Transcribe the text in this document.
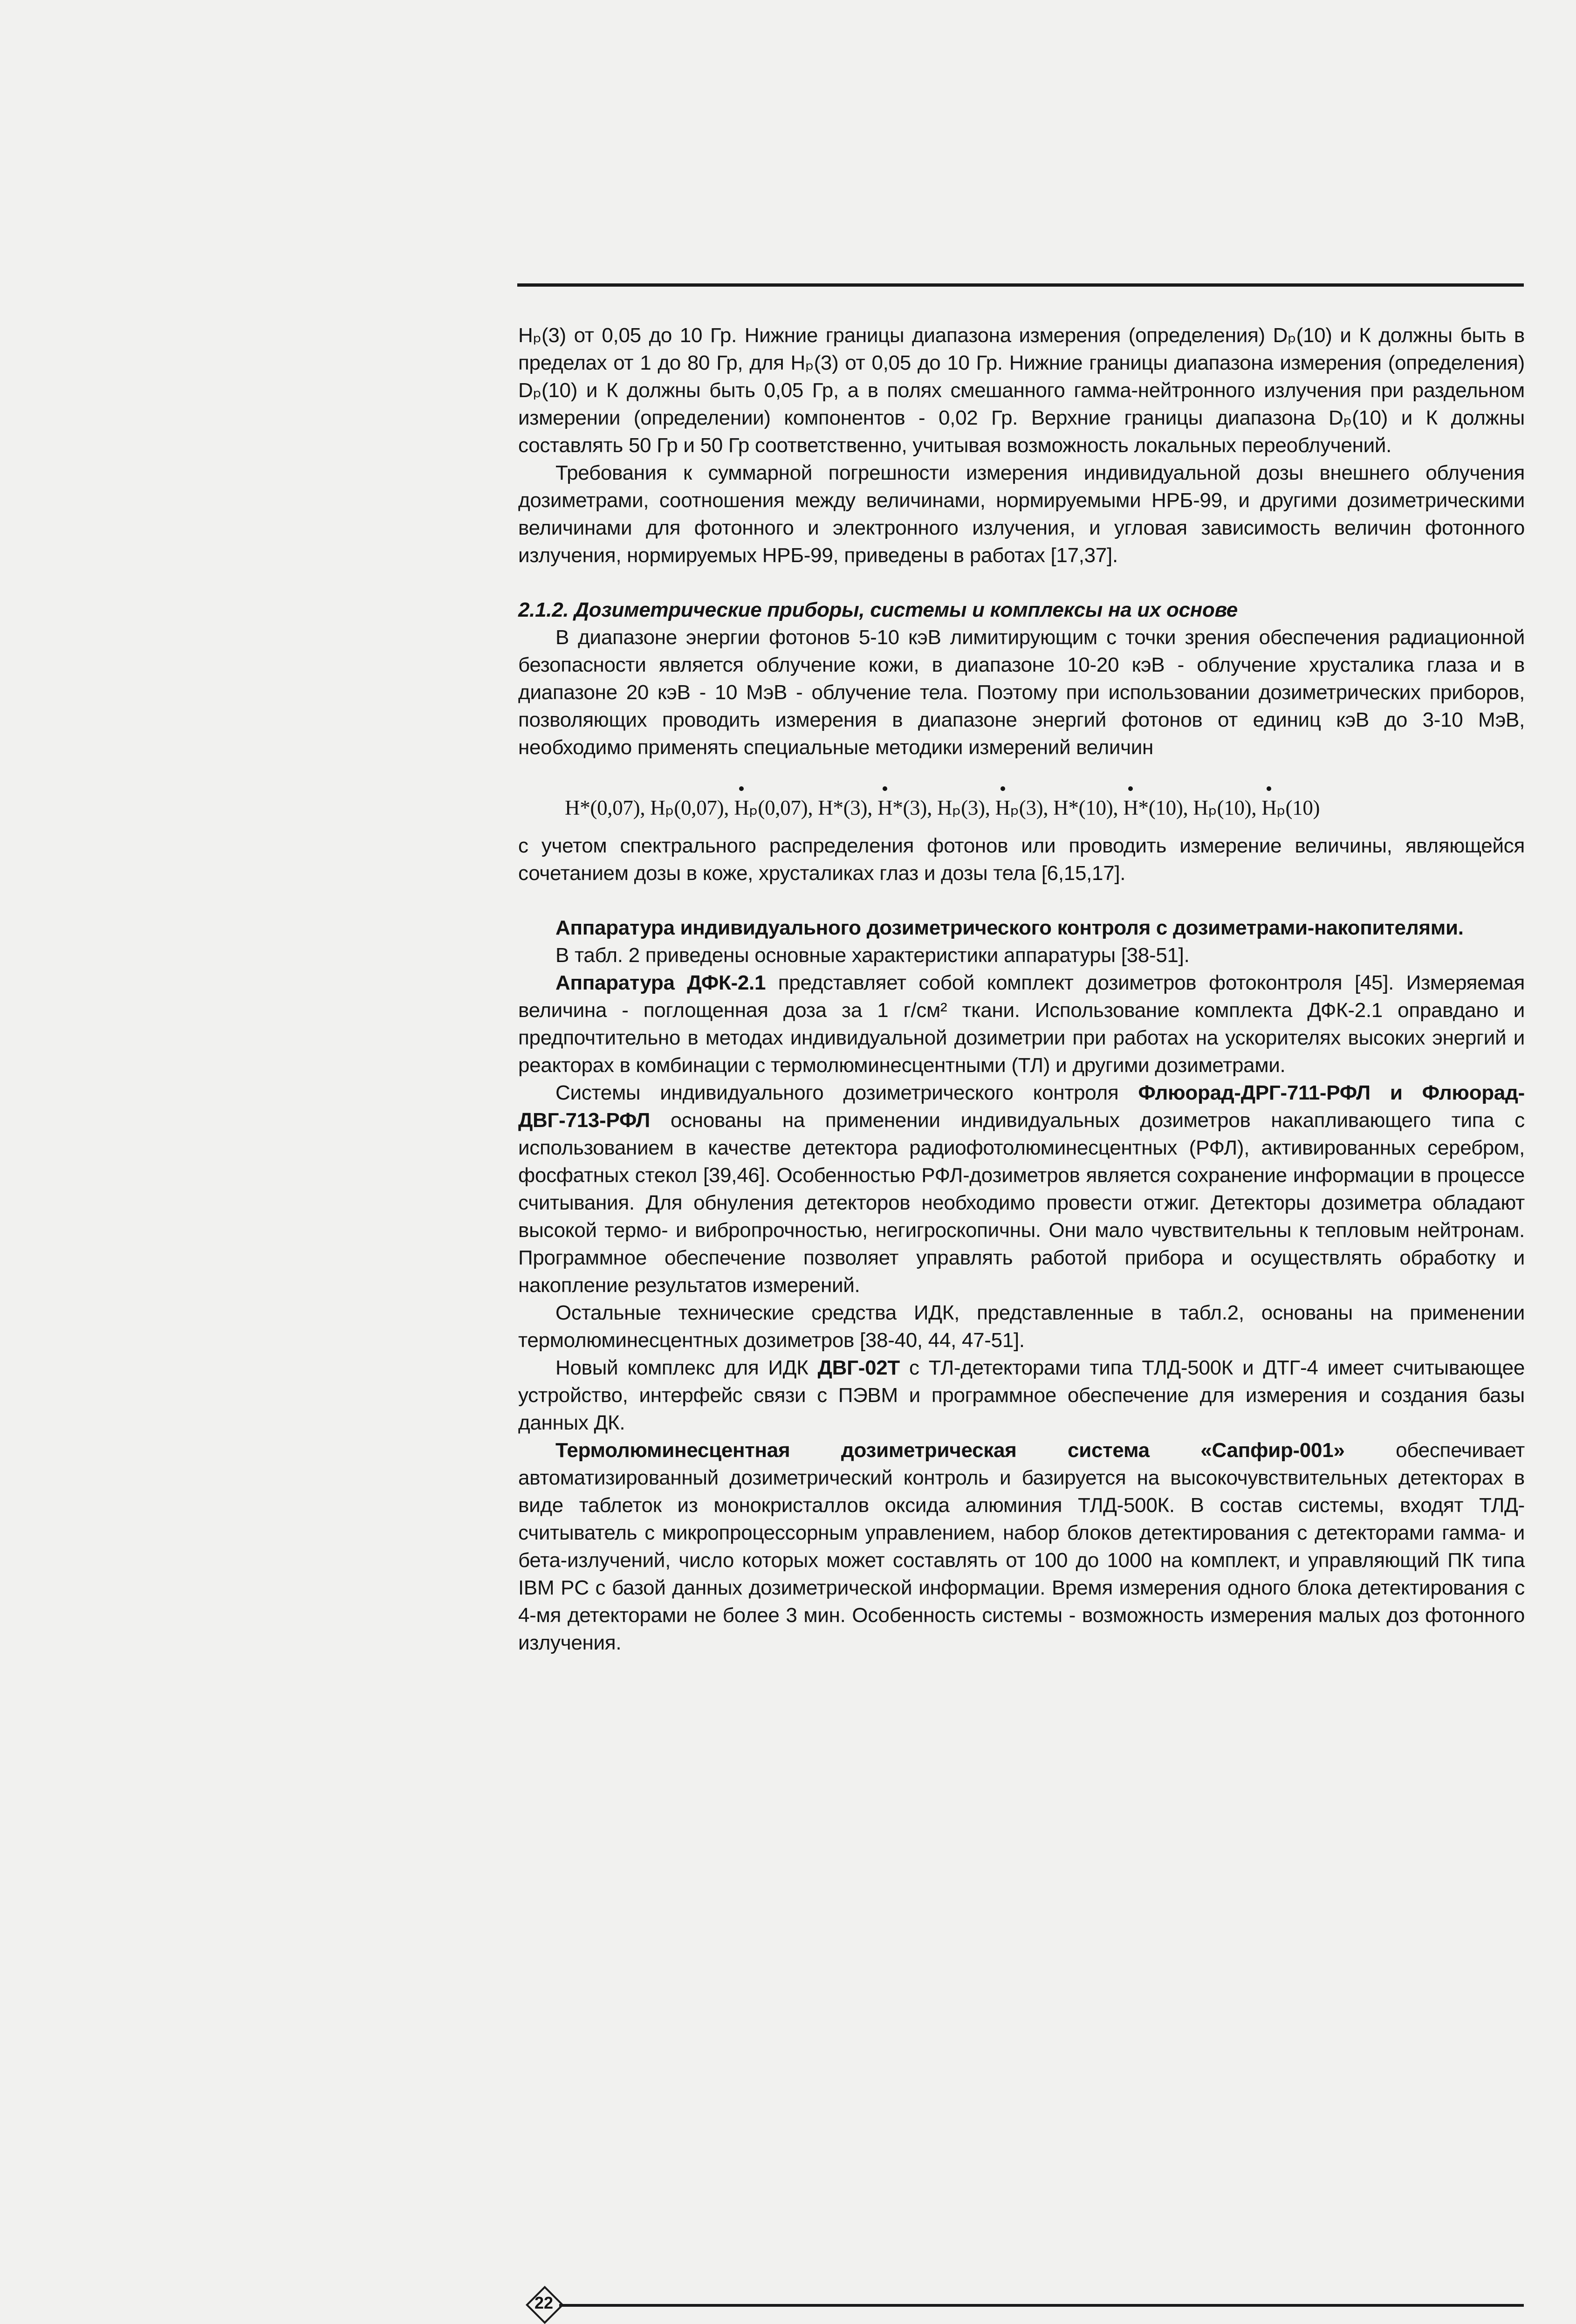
Hₚ(3) от 0,05 до 10 Гр. Нижние границы диапазона измерения (определения) Dₚ(10) и К должны быть в пределах от 1 до 80 Гр, для Hₚ(3) от 0,05 до 10 Гр. Нижние границы диапазона измерения (определения) Dₚ(10) и К должны быть 0,05 Гр, а в полях смешанного гамма-нейтронного излучения при раздельном измерении (определении) компонентов - 0,02 Гр. Верхние границы диапазона Dₚ(10) и К должны составлять 50 Гр и 50 Гр соответственно, учитывая возможность локальных переоблучений.

Требования к суммарной погрешности измерения индивидуальной дозы внешнего облучения дозиметрами, соотношения между величинами, нормируемыми НРБ-99, и другими дозиметрическими величинами для фотонного и электронного излучения, и угловая зависимость величин фотонного излучения, нормируемых НРБ-99, приведены в работах [17,37].

2.1.2. Дозиметрические приборы, системы и комплексы на их основе

В диапазоне энергии фотонов 5-10 кэВ лимитирующим с точки зрения обеспечения радиационной безопасности является облучение кожи, в диапазоне 10-20 кэВ - облучение хрусталика глаза и в диапазоне 20 кэВ - 10 МэВ - облучение тела. Поэтому при использовании дозиметрических приборов, позволяющих проводить измерения в диапазоне энергий фотонов от единиц кэВ до 3-10 МэВ, необходимо применять специальные методики измерений величин

H*(0,07), Hₚ(0,07), Hₚ(0,07), H*(3), H*(3), Hₚ(3), Hₚ(3), H*(10), H*(10), Hₚ(10), Hₚ(10)

с учетом спектрального распределения фотонов или проводить измерение величины, являющейся сочетанием дозы в коже, хрусталиках глаз и дозы тела [6,15,17].

Аппаратура индивидуального дозиметрического контроля с дозиметрами-накопителями.

В табл. 2 приведены основные характеристики аппаратуры [38-51].

Аппаратура ДФК-2.1 представляет собой комплект дозиметров фотоконтроля [45]. Измеряемая величина - поглощенная доза за 1 г/см² ткани. Использование комплекта ДФК-2.1 оправдано и предпочтительно в методах индивидуальной дозиметрии при работах на ускорителях высоких энергий и реакторах в комбинации с термолюминесцентными (ТЛ) и другими дозиметрами.

Системы индивидуального дозиметрического контроля Флюорад-ДРГ-711-РФЛ и Флюорад-ДВГ-713-РФЛ основаны на применении индивидуальных дозиметров накапливающего типа с использованием в качестве детектора радиофотолюминесцентных (РФЛ), активированных серебром, фосфатных стекол [39,46]. Особенностью РФЛ-дозиметров является сохранение информации в процессе считывания. Для обнуления детекторов необходимо провести отжиг. Детекторы дозиметра обладают высокой термо- и вибропрочностью, негигроскопичны. Они мало чувствительны к тепловым нейтронам. Программное обеспечение позволяет управлять работой прибора и осуществлять обработку и накопление результатов измерений.

Остальные технические средства ИДК, представленные в табл.2, основаны на применении термолюминесцентных дозиметров [38-40, 44, 47-51].

Новый комплекс для ИДК ДВГ-02Т с ТЛ-детекторами типа ТЛД-500К и ДТГ-4 имеет считывающее устройство, интерфейс связи с ПЭВМ и программное обеспечение для измерения и создания базы данных ДК.

Термолюминесцентная дозиметрическая система «Сапфир-001» обеспечивает автоматизированный дозиметрический контроль и базируется на высокочувствительных детекторах в виде таблеток из монокристаллов оксида алюминия ТЛД-500К. В состав системы, входят ТЛД-считыватель с микропроцессорным управлением, набор блоков детектирования с детекторами гамма- и бета-излучений, число которых может составлять от 100 до 1000 на комплект, и управляющий ПК типа IBM PC с базой данных дозиметрической информации. Время измерения одного блока детектирования с 4-мя детекторами не более 3 мин. Особенность системы - возможность измерения малых доз фотонного излучения.

22
